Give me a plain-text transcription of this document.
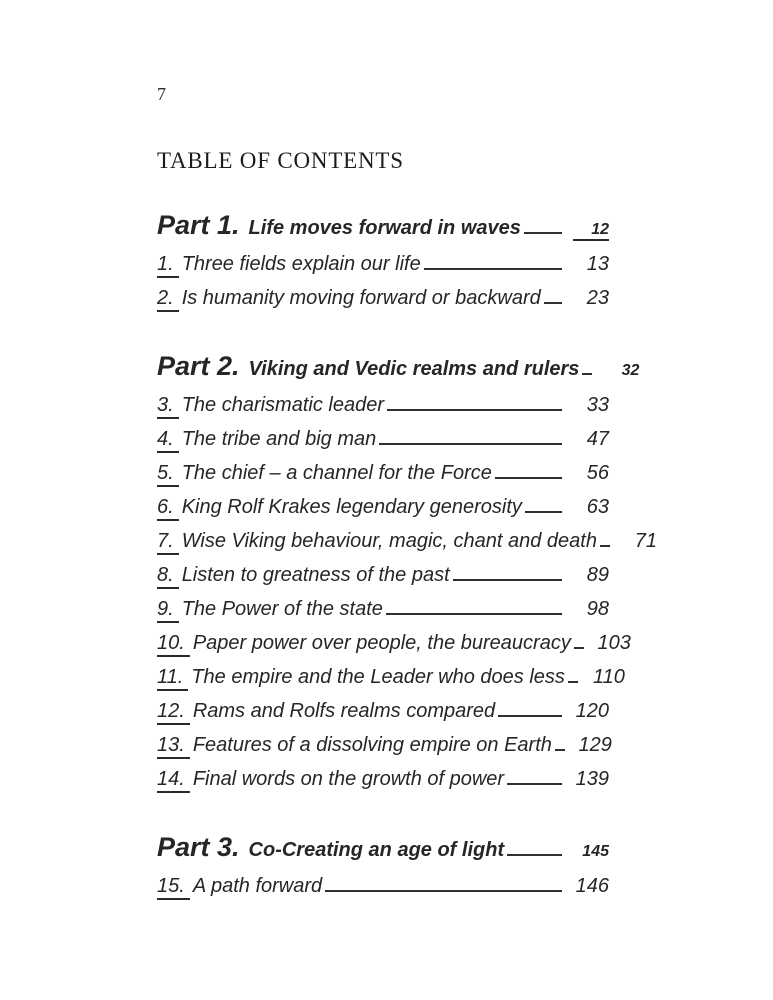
7
TABLE OF CONTENTS
Part 1. Life moves forward in waves	12
1. Three fields explain our life	13
2. Is humanity moving forward or backward	23
Part 2. Viking and Vedic realms and rulers	32
3. The charismatic leader	33
4. The tribe and big man	47
5. The chief – a channel for the Force	56
6. King Rolf Krakes legendary generosity	63
7. Wise Viking behaviour, magic, chant and death	71
8. Listen to greatness of the past	89
9. The Power of the state	98
10. Paper power over people, the bureaucracy 103
11. The empire and the Leader who does less 110
12. Rams and Rolfs realms compared	120
13. Features of a dissolving empire on Earth 129
14. Final words on the growth of power	139
Part 3. Co-Creating an age of light	145
15. A path forward	146
